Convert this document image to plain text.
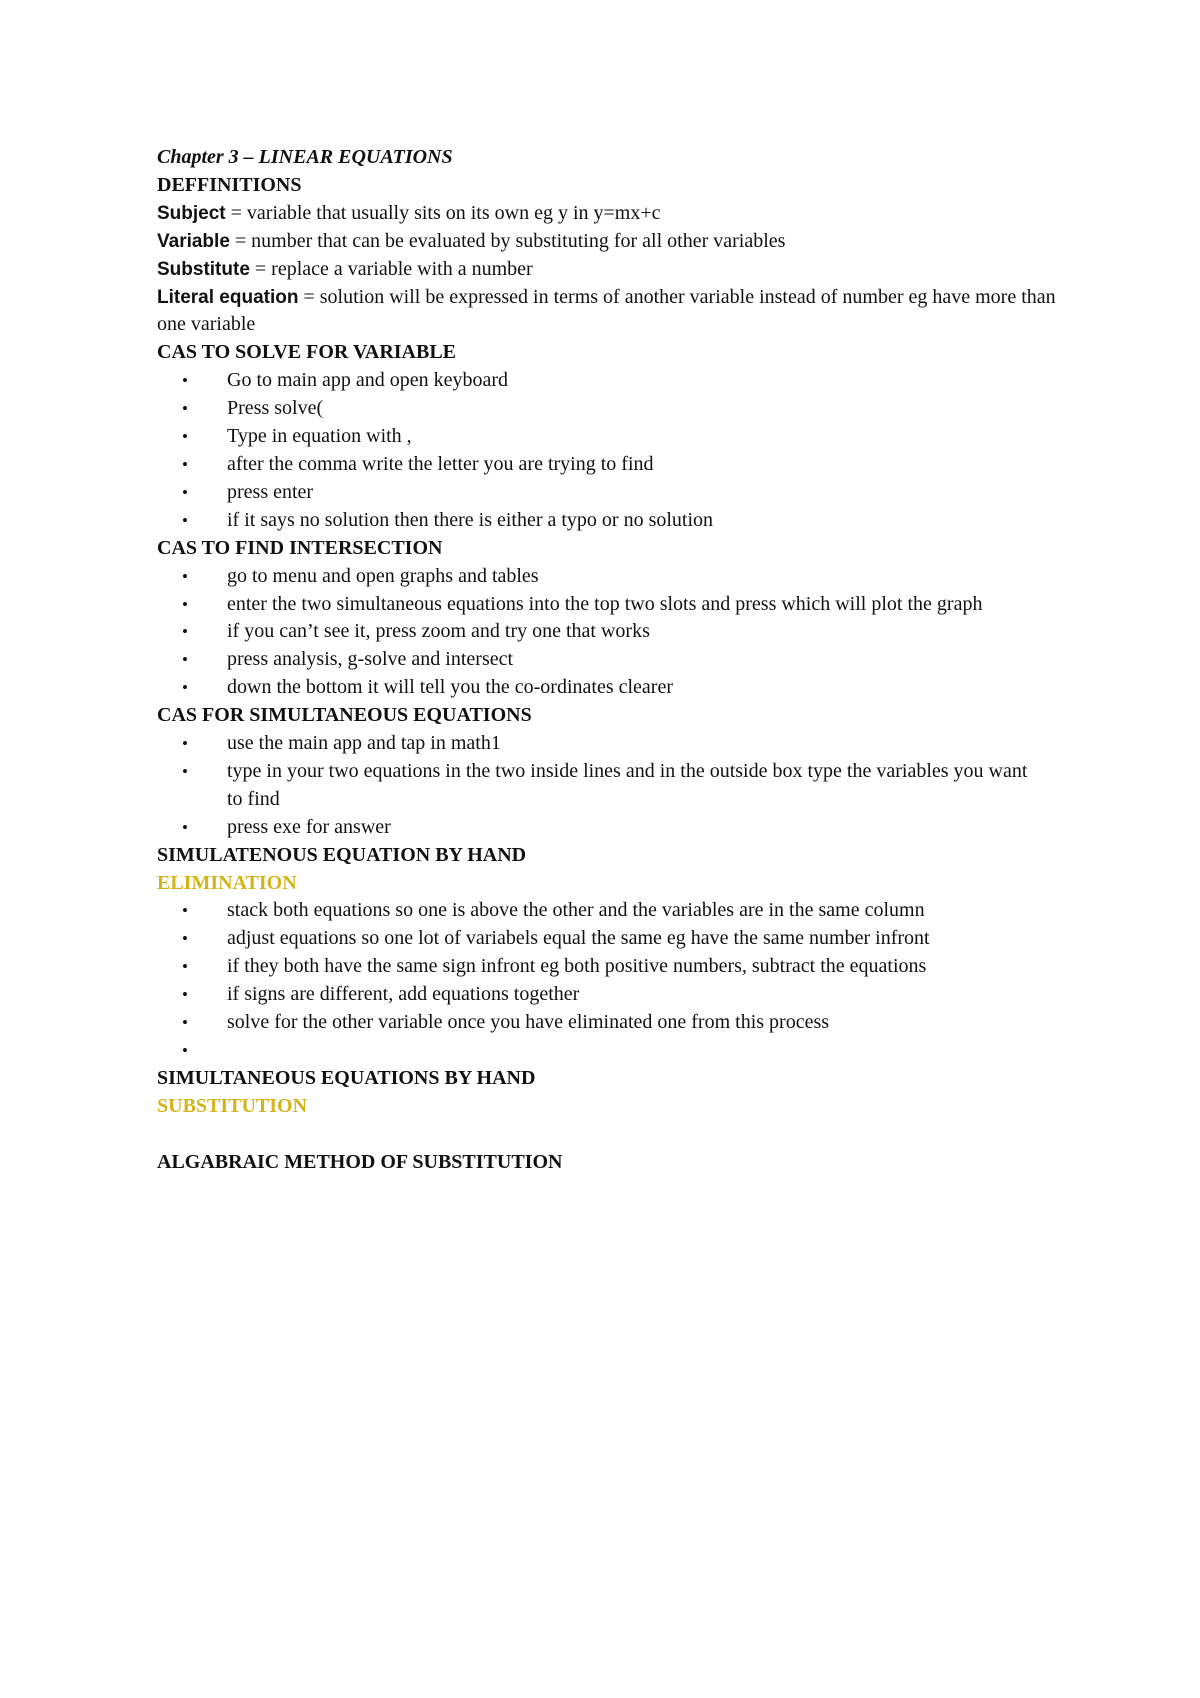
Chapter 3 – LINEAR EQUATIONS

DEFFINITIONS

Subject = variable that usually sits on its own eg y in y=mx+c

Variable = number that can be evaluated by substituting for all other variables

Substitute = replace a variable with a number

Literal equation = solution will be expressed in terms of another variable instead of number eg have more than one variable

CAS TO SOLVE FOR VARIABLE

• Go to main app and open keyboard
• Press solve(
• Type in equation with ,
• after the comma write the letter you are trying to find
• press enter
• if it says no solution then there is either a typo or no solution

CAS TO FIND INTERSECTION

• go to menu and open graphs and tables
• enter the two simultaneous equations into the top two slots and press which will plot the graph
• if you can’t see it, press zoom and try one that works
• press analysis, g-solve and intersect
• down the bottom it will tell you the co-ordinates clearer

CAS FOR SIMULTANEOUS EQUATIONS

• use the main app and tap in math1
• type in your two equations in the two inside lines and in the outside box type the variables you want to find
• press exe for answer

SIMULATENOUS EQUATION BY HAND

ELIMINATION

• stack both equations so one is above the other and the variables are in the same column
• adjust equations so one lot of variabels equal the same eg have the same number infront
• if they both have the same sign infront eg both positive numbers, subtract the equations
• if signs are different, add equations together
• solve for the other variable once you have eliminated one from this process
•

SIMULTANEOUS EQUATIONS BY HAND

SUBSTITUTION

ALGABRAIC METHOD OF SUBSTITUTION
